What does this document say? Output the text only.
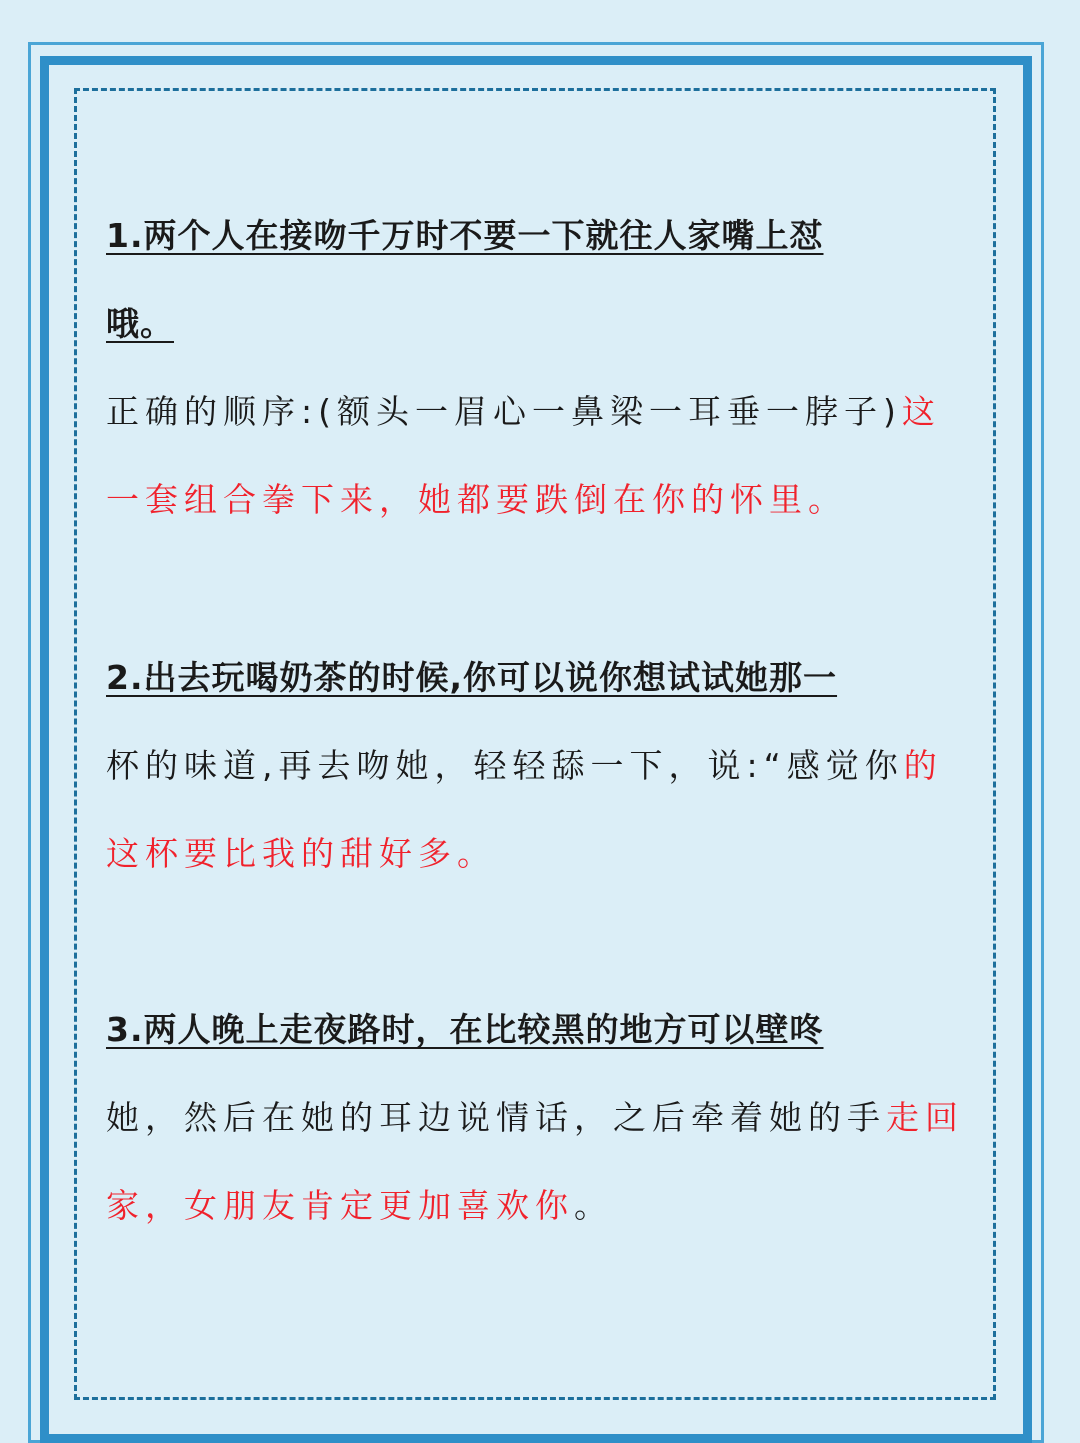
1.两个人在接吻千万时不要一下就往人家嘴上怼
哦。
正确的顺序:(额头一眉心一鼻梁一耳垂一脖子)这
一套组合拳下来，她都要跌倒在你的怀里。
2.出去玩喝奶茶的时候,你可以说你想试试她那一
杯的味道,再去吻她，轻轻舔一下，说:“感觉你的
这杯要比我的甜好多。
3.两人晚上走夜路时，在比较黑的地方可以壁咚
她，然后在她的耳边说情话，之后牵着她的手走回
家，女朋友肯定更加喜欢你。
